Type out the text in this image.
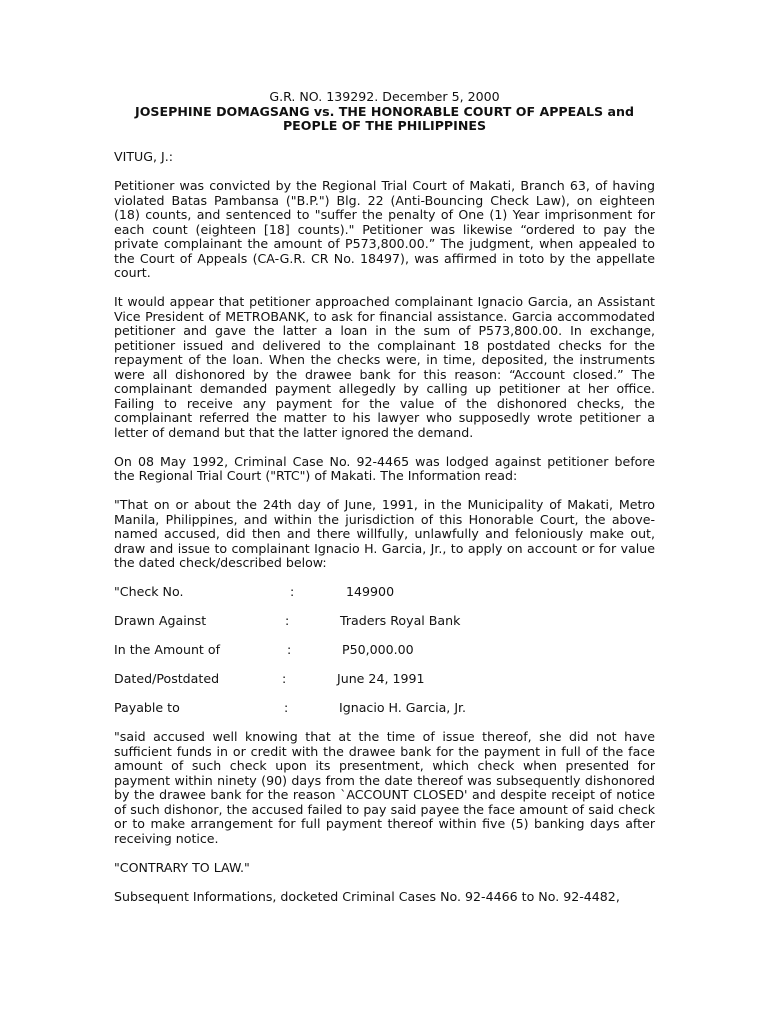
G.R. NO. 139292. December 5, 2000

JOSEPHINE DOMAGSANG vs. THE HONORABLE COURT OF APPEALS and

PEOPLE OF THE PHILIPPINES

VITUG, J.:

Petitioner was convicted by the Regional Trial Court of Makati, Branch 63, of having violated Batas Pambansa ("B.P.") Blg. 22 (Anti-Bouncing Check Law), on eighteen (18) counts, and sentenced to "suffer the penalty of One (1) Year imprisonment for each count (eighteen [18] counts)." Petitioner was likewise “ordered to pay the private complainant the amount of P573,800.00.” The judgment, when appealed to the Court of Appeals (CA-G.R. CR No. 18497), was affirmed in toto by the appellate court.

It would appear that petitioner approached complainant Ignacio Garcia, an Assistant Vice President of METROBANK, to ask for financial assistance. Garcia accommodated petitioner and gave the latter a loan in the sum of P573,800.00. In exchange, petitioner issued and delivered to the complainant 18 postdated checks for the repayment of the loan. When the checks were, in time, deposited, the instruments were all dishonored by the drawee bank for this reason: “Account closed.” The complainant demanded payment allegedly by calling up petitioner at her office. Failing to receive any payment for the value of the dishonored checks, the complainant referred the matter to his lawyer who supposedly wrote petitioner a letter of demand but that the latter ignored the demand.

On 08 May 1992, Criminal Case No. 92-4465 was lodged against petitioner before the Regional Trial Court ("RTC") of Makati. The Information read:

"That on or about the 24th day of June, 1991, in the Municipality of Makati, Metro Manila, Philippines, and within the jurisdiction of this Honorable Court, the above-named accused, did then and there willfully, unlawfully and feloniously make out, draw and issue to complainant Ignacio H. Garcia, Jr., to apply on account or for value the dated check/described below:

"Check No.	:	149900
Drawn Against	:	Traders Royal Bank
In the Amount of	:	P50,000.00
Dated/Postdated	:	June 24, 1991
Payable to	:	Ignacio H. Garcia, Jr.

"said accused well knowing that at the time of issue thereof, she did not have sufficient funds in or credit with the drawee bank for the payment in full of the face amount of such check upon its presentment, which check when presented for payment within ninety (90) days from the date thereof was subsequently dishonored by the drawee bank for the reason `ACCOUNT CLOSED' and despite receipt of notice of such dishonor, the accused failed to pay said payee the face amount of said check or to make arrangement for full payment thereof within five (5) banking days after receiving notice.

"CONTRARY TO LAW."

Subsequent Informations, docketed Criminal Cases No. 92-4466 to No. 92-4482,
